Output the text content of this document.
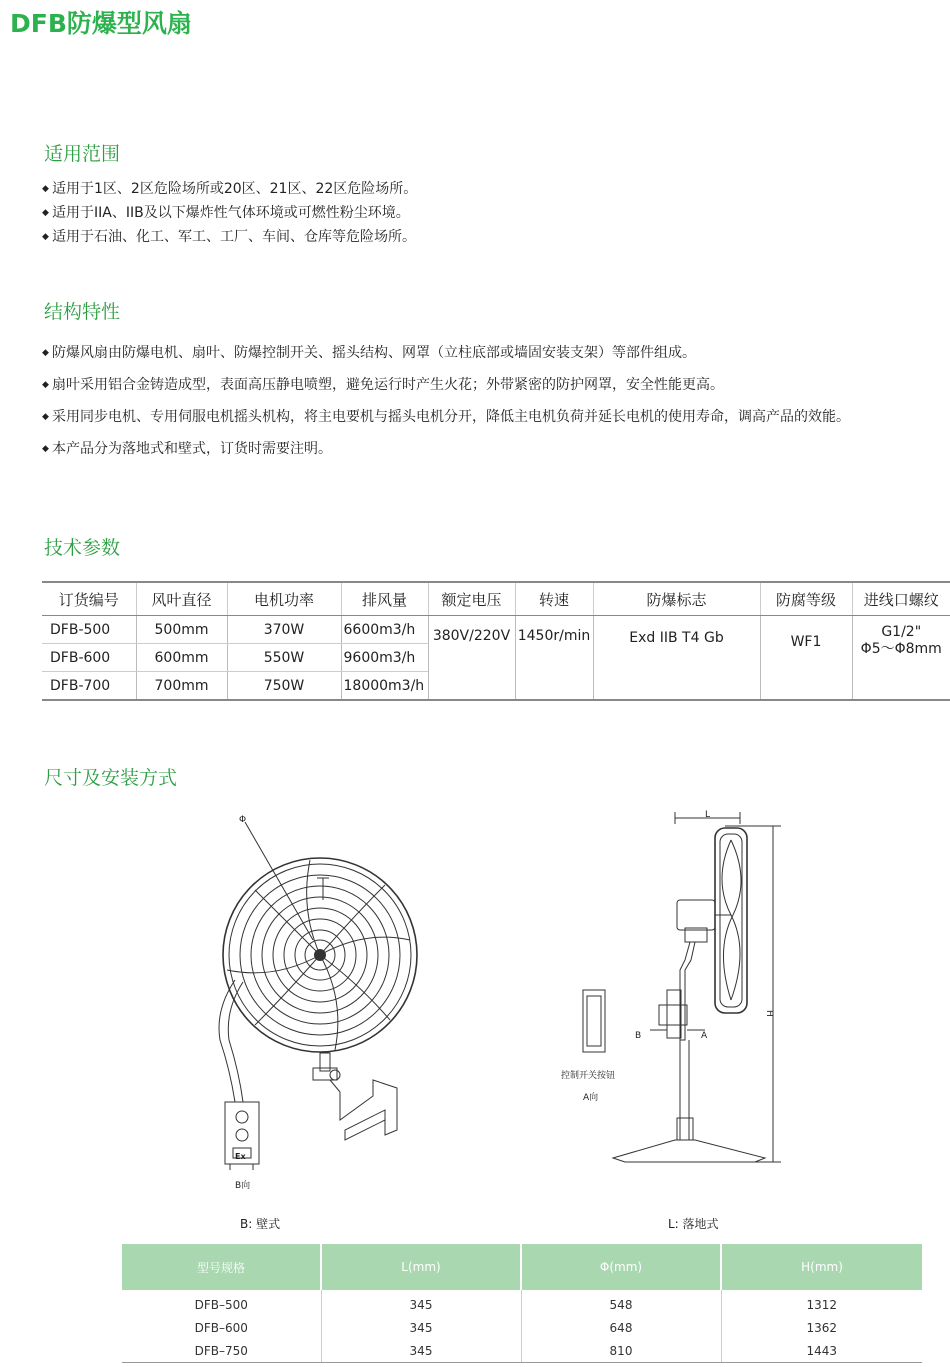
DFB防爆型风扇
适用范围
◆ 适用于1区、2区危险场所或20区、21区、22区危险场所。
◆ 适用于IIA、IIB及以下爆炸性气体环境或可燃性粉尘环境。
◆ 适用于石油、化工、军工、工厂、车间、仓库等危险场所。
结构特性
◆ 防爆风扇由防爆电机、扇叶、防爆控制开关、摇头结构、网罩（立柱底部或墙固安装支架）等部件组成。
◆ 扇叶采用铝合金铸造成型，表面高压静电喷塑，避免运行时产生火花；外带紧密的防护网罩，安全性能更高。
◆ 采用同步电机、专用伺服电机摇头机构，将主电要机与摇头电机分开，降低主电机负荷并延长电机的使用寿命，调高产品的效能。
◆ 本产品分为落地式和壁式，订货时需要注明。
技术参数
订货编号	风叶直径	电机功率	排风量	额定电压	转速	防爆标志	防腐等级	进线口螺纹
DFB-500	500mm	370W	6600m3/h	380V/220V	1450r/min	Exd IIB T4 Gb	WF1	G1/2"
Φ5～Φ8mm

DFB-600	600mm	550W	9600m3/h					
DFB-700	700mm	750W	18000m3/h					
尺寸及安装方式
Φ
Ex
B向
L
H
B	A
控制开关按钮
A向
B: 壁式	L: 落地式
型号规格	L(mm)	Φ(mm)	H(mm)
DFB–500	345	548	1312
DFB–600	345	648	1362
DFB–750	345	810	1443
